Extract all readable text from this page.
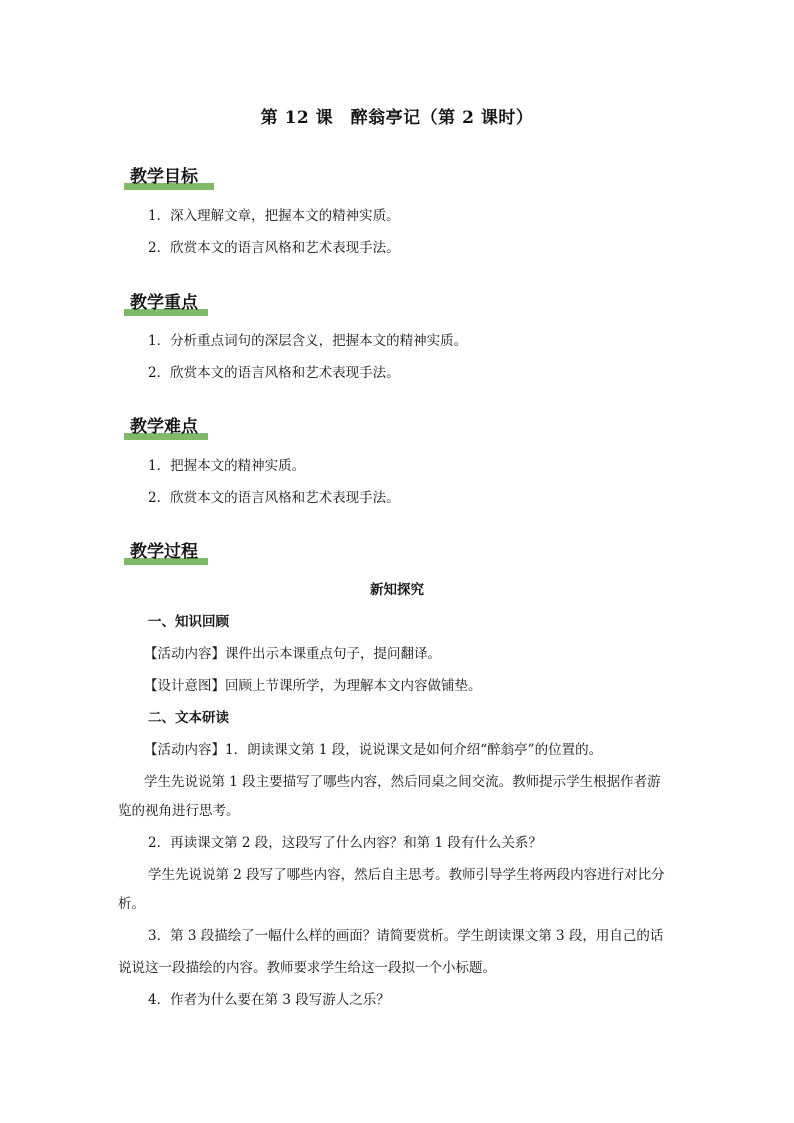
第 12 课　醉翁亭记（第 2 课时）
教学目标
1．深入理解文章，把握本文的精神实质。
2．欣赏本文的语言风格和艺术表现手法。
教学重点
1．分析重点词句的深层含义，把握本文的精神实质。
2．欣赏本文的语言风格和艺术表现手法。
教学难点
1．把握本文的精神实质。
2．欣赏本文的语言风格和艺术表现手法。
教学过程
新知探究
一、知识回顾
【活动内容】课件出示本课重点句子，提问翻译。
【设计意图】回顾上节课所学，为理解本文内容做铺垫。
二、文本研读
【活动内容】1．朗读课文第 1 段，说说课文是如何介绍“醉翁亭”的位置的。
学生先说说第 1 段主要描写了哪些内容，然后同桌之间交流。教师提示学生根据作者游
览的视角进行思考。
2．再读课文第 2 段，这段写了什么内容？和第 1 段有什么关系？
学生先说说第 2 段写了哪些内容，然后自主思考。教师引导学生将两段内容进行对比分
析。
3．第 3 段描绘了一幅什么样的画面？请简要赏析。学生朗读课文第 3 段，用自己的话
说说这一段描绘的内容。教师要求学生给这一段拟一个小标题。
4．作者为什么要在第 3 段写游人之乐？
